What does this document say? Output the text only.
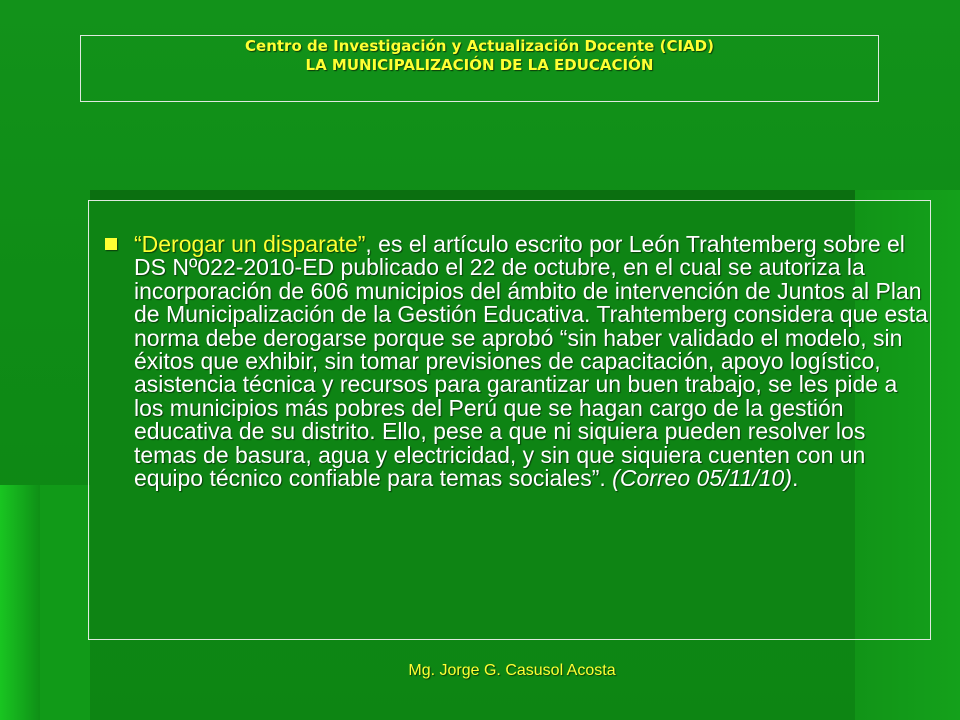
Centro de Investigación y Actualización Docente (CIAD)
LA MUNICIPALIZACIÓN DE LA EDUCACIÓN

“Derogar un disparate”, es el artículo escrito por León Trahtemberg sobre el DS Nº022-2010-ED publicado el 22 de octubre, en el cual se autoriza la incorporación de 606 municipios del ámbito de intervención de Juntos al Plan de Municipalización de la Gestión Educativa. Trahtemberg considera que esta norma debe derogarse porque se aprobó “sin haber validado el modelo, sin éxitos que exhibir, sin tomar previsiones de capacitación, apoyo logístico, asistencia técnica y recursos para garantizar un buen trabajo, se les pide a los municipios más pobres del Perú que se hagan cargo de la gestión educativa de su distrito. Ello, pese a que ni siquiera pueden resolver los temas de basura, agua y electricidad, y sin que siquiera cuenten con un equipo técnico confiable para temas sociales”. (Correo 05/11/10).

Mg. Jorge G. Casusol Acosta
